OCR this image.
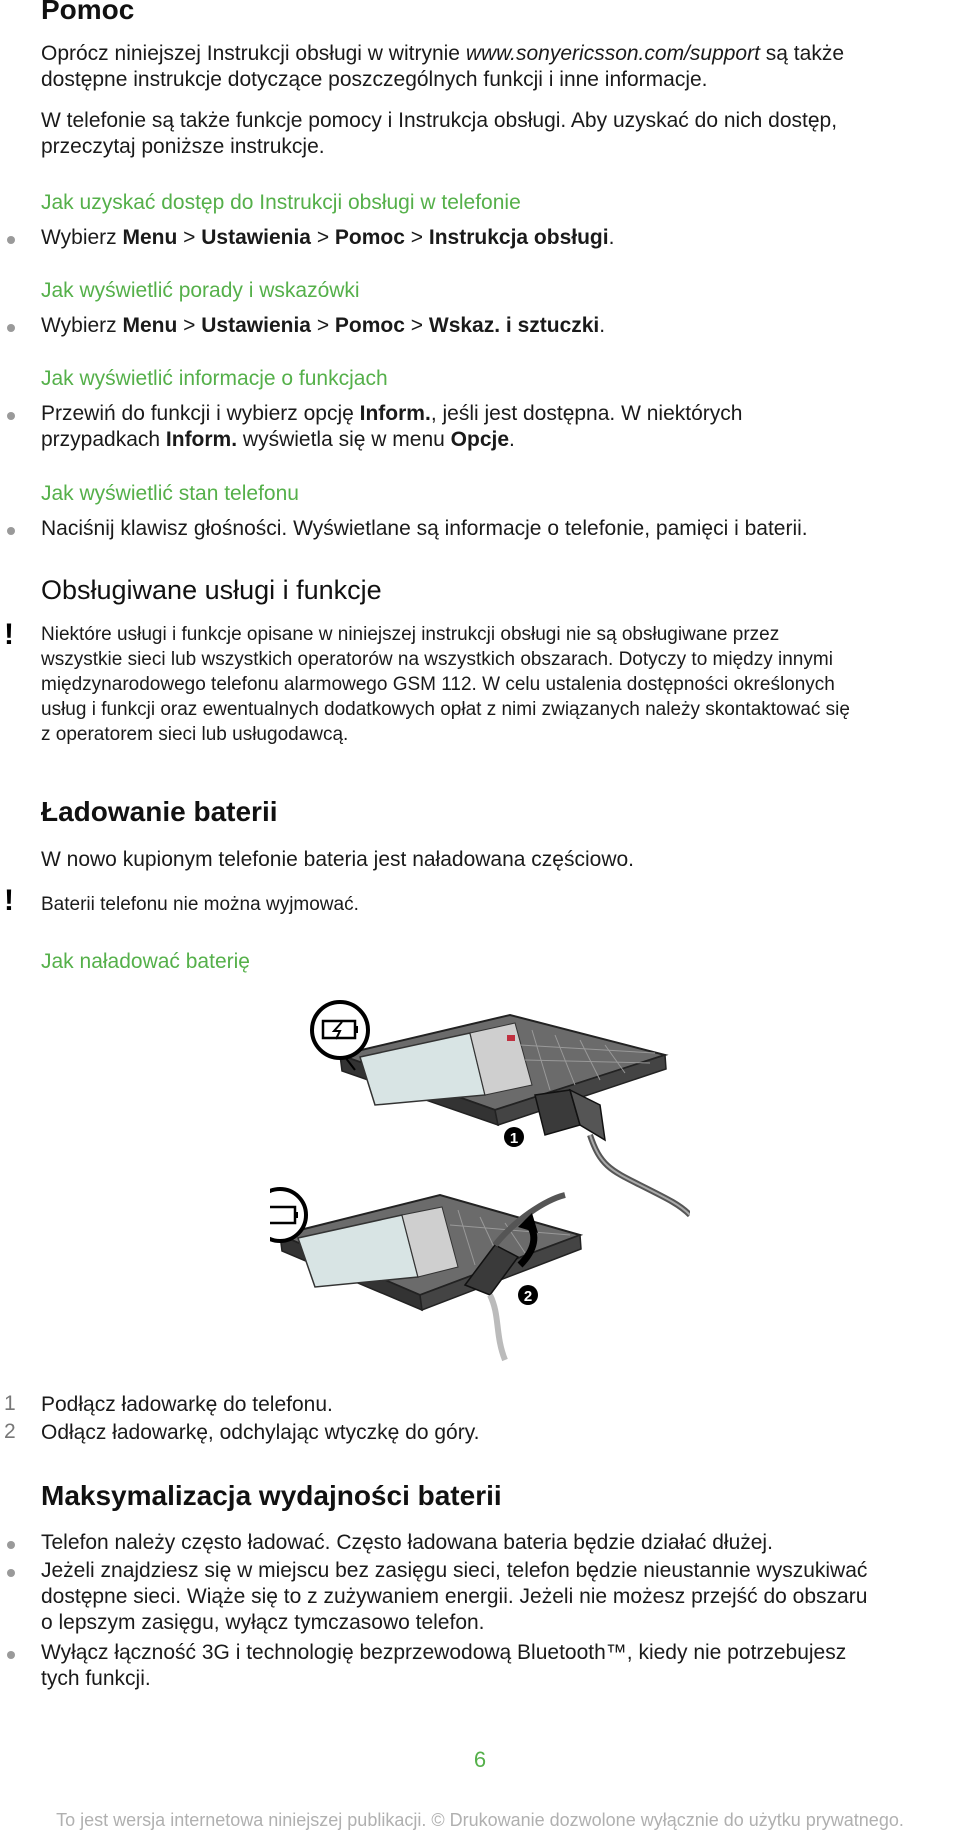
Pomoc
Oprócz niniejszej Instrukcji obsługi w witrynie www.sonyericsson.com/support są także
dostępne instrukcje dotyczące poszczególnych funkcji i inne informacje.
W telefonie są także funkcje pomocy i Instrukcja obsługi. Aby uzyskać do nich dostęp,
przeczytaj poniższe instrukcje.
Jak uzyskać dostęp do Instrukcji obsługi w telefonie
Wybierz Menu > Ustawienia > Pomoc > Instrukcja obsługi.
Jak wyświetlić porady i wskazówki
Wybierz Menu > Ustawienia > Pomoc > Wskaz. i sztuczki.
Jak wyświetlić informacje o funkcjach
Przewiń do funkcji i wybierz opcję Inform., jeśli jest dostępna. W niektórych
przypadkach Inform. wyświetla się w menu Opcje.
Jak wyświetlić stan telefonu
Naciśnij klawisz głośności. Wyświetlane są informacje o telefonie, pamięci i baterii.
Obsługiwane usługi i funkcje
! Niektóre usługi i funkcje opisane w niniejszej instrukcji obsługi nie są obsługiwane przez
wszystkie sieci lub wszystkich operatorów na wszystkich obszarach. Dotyczy to między innymi
międzynarodowego telefonu alarmowego GSM 112. W celu ustalenia dostępności określonych
usług i funkcji oraz ewentualnych dodatkowych opłat z nimi związanych należy skontaktować się
z operatorem sieci lub usługodawcą.
Ładowanie baterii
W nowo kupionym telefonie bateria jest naładowana częściowo.
! Baterii telefonu nie można wyjmować.
Jak naładować baterię
1
2
1 Podłącz ładowarkę do telefonu.
2 Odłącz ładowarkę, odchylając wtyczkę do góry.
Maksymalizacja wydajności baterii
Telefon należy często ładować. Często ładowana bateria będzie działać dłużej.
Jeżeli znajdziesz się w miejscu bez zasięgu sieci, telefon będzie nieustannie wyszukiwać
dostępne sieci. Wiąże się to z zużywaniem energii. Jeżeli nie możesz przejść do obszaru
o lepszym zasięgu, wyłącz tymczasowo telefon.
Wyłącz łączność 3G i technologię bezprzewodową Bluetooth™, kiedy nie potrzebujesz
tych funkcji.
6
To jest wersja internetowa niniejszej publikacji. © Drukowanie dozwolone wyłącznie do użytku prywatnego.
